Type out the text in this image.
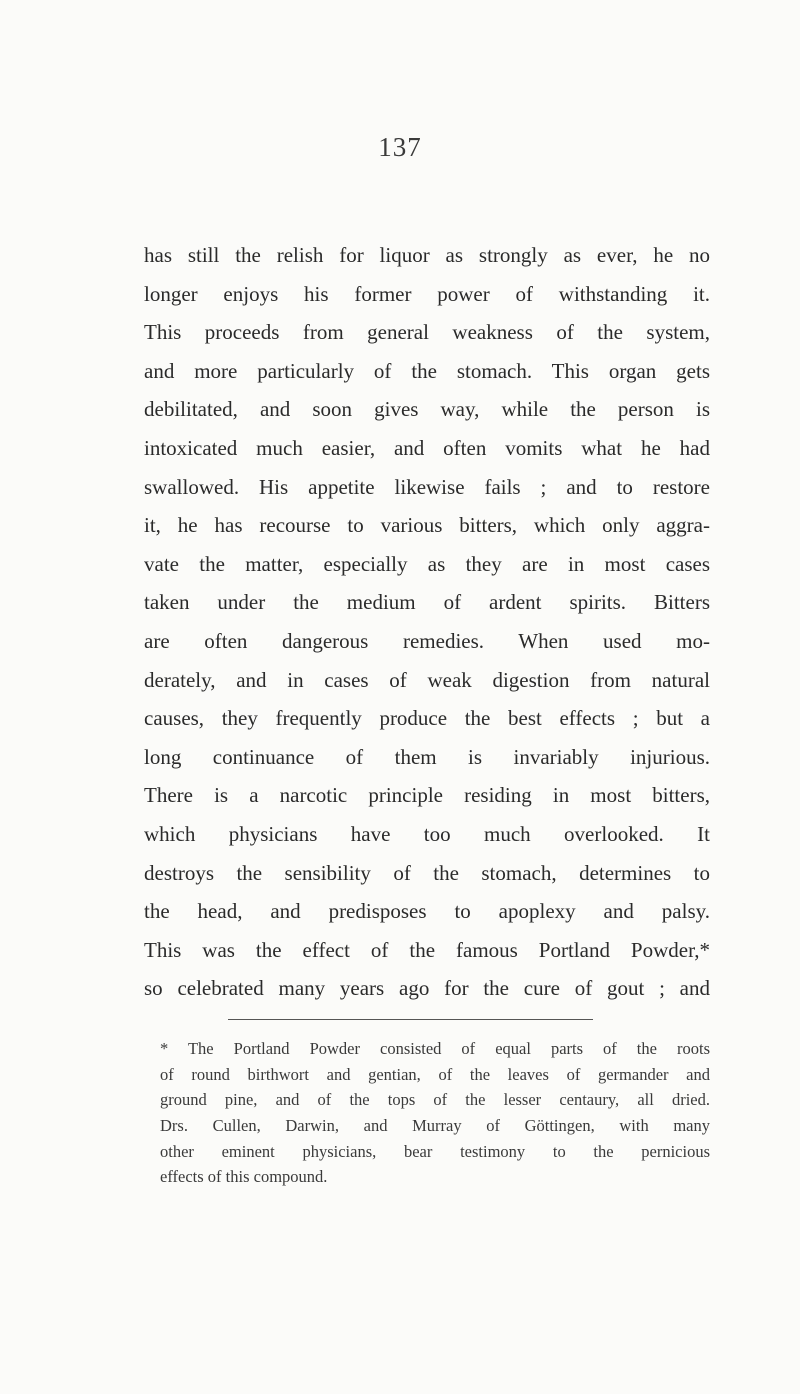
137
has still the relish for liquor as strongly as ever, he no
longer enjoys his former power of withstanding it.
This proceeds from general weakness of the system,
and more particularly of the stomach. This organ gets
debilitated, and soon gives way, while the person is
intoxicated much easier, and often vomits what he had
swallowed. His appetite likewise fails ; and to restore
it, he has recourse to various bitters, which only aggra-
vate the matter, especially as they are in most cases
taken under the medium of ardent spirits. Bitters
are often dangerous remedies. When used mo-
derately, and in cases of weak digestion from natural
causes, they frequently produce the best effects ; but a
long continuance of them is invariably injurious.
There is a narcotic principle residing in most bitters,
which physicians have too much overlooked. It
destroys the sensibility of the stomach, determines to
the head, and predisposes to apoplexy and palsy.
This was the effect of the famous Portland Powder,*
so celebrated many years ago for the cure of gout ; and
* The Portland Powder consisted of equal parts of the roots
of round birthwort and gentian, of the leaves of germander and
ground pine, and of the tops of the lesser centaury, all dried.
Drs. Cullen, Darwin, and Murray of Göttingen, with many
other eminent physicians, bear testimony to the pernicious
effects of this compound.
